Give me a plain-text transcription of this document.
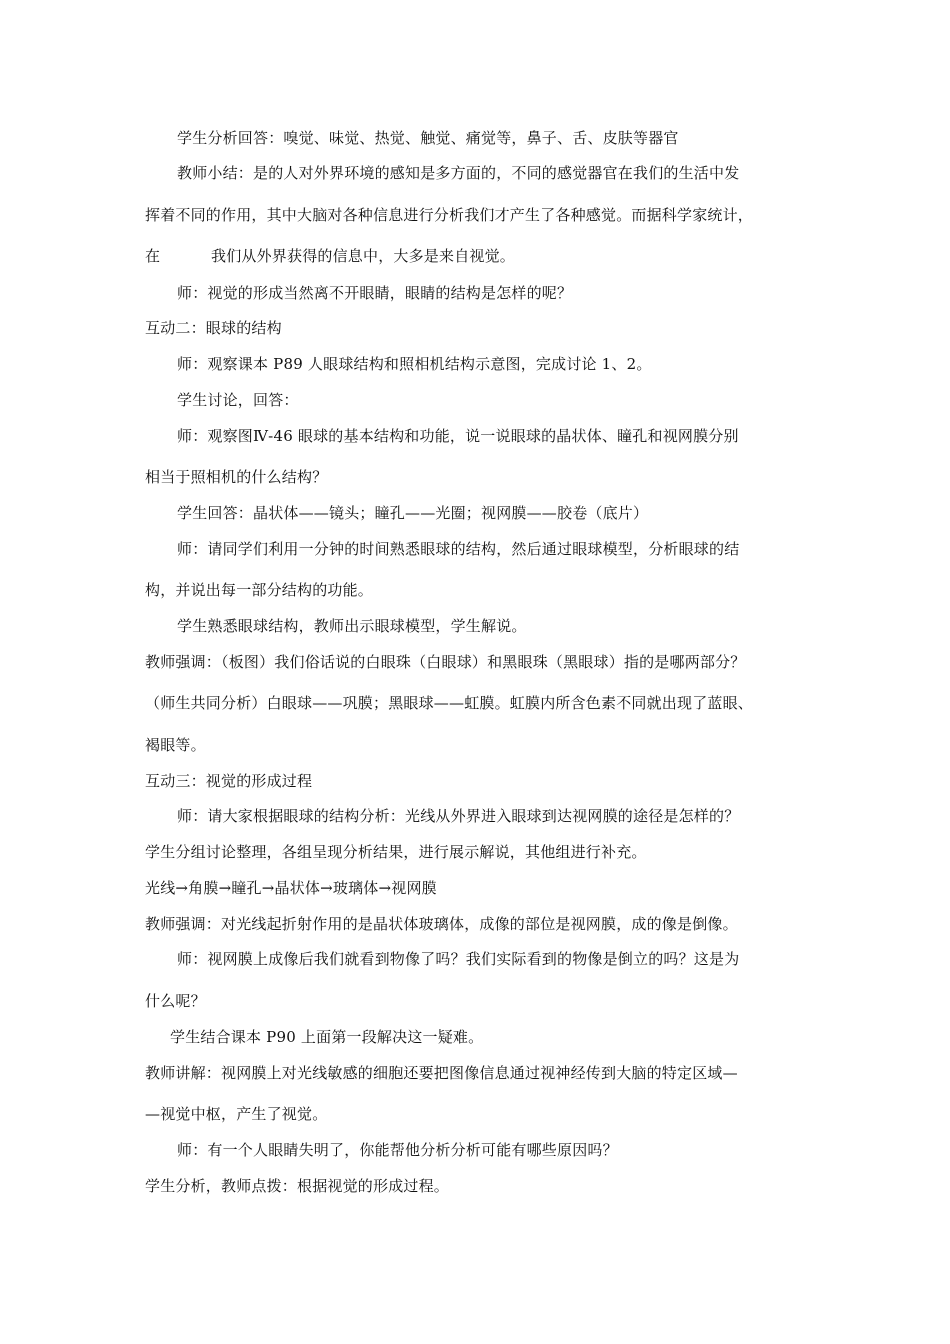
学生分析回答：嗅觉、味觉、热觉、触觉、痛觉等，鼻子、舌、皮肤等器官
教师小结：是的人对外界环境的感知是多方面的，不同的感觉器官在我们的生活中发
挥着不同的作用，其中大脑对各种信息进行分析我们才产生了各种感觉。而据科学家统计，
在	我们从外界获得的信息中，大多是来自视觉。
师：视觉的形成当然离不开眼睛，眼睛的结构是怎样的呢？
互动二：眼球的结构
师：观察课本 P89 人眼球结构和照相机结构示意图，完成讨论 1、2。
学生讨论，回答：
师：观察图Ⅳ-46 眼球的基本结构和功能，说一说眼球的晶状体、瞳孔和视网膜分别
相当于照相机的什么结构？
学生回答：晶状体——镜头；瞳孔——光圈；视网膜——胶卷（底片）
师：请同学们利用一分钟的时间熟悉眼球的结构，然后通过眼球模型，分析眼球的结
构，并说出每一部分结构的功能。
学生熟悉眼球结构，教师出示眼球模型，学生解说。
教师强调：（板图）我们俗话说的白眼珠（白眼球）和黑眼珠（黑眼球）指的是哪两部分？
（师生共同分析）白眼球——巩膜；黑眼球——虹膜。虹膜内所含色素不同就出现了蓝眼、
褐眼等。
互动三：视觉的形成过程
师：请大家根据眼球的结构分析：光线从外界进入眼球到达视网膜的途径是怎样的？
学生分组讨论整理，各组呈现分析结果，进行展示解说，其他组进行补充。
光线→角膜→瞳孔→晶状体→玻璃体→视网膜
教师强调：对光线起折射作用的是晶状体玻璃体，成像的部位是视网膜，成的像是倒像。
师：视网膜上成像后我们就看到物像了吗？我们实际看到的物像是倒立的吗？这是为
什么呢？
学生结合课本 P90 上面第一段解决这一疑难。
教师讲解：视网膜上对光线敏感的细胞还要把图像信息通过视神经传到大脑的特定区域—
—视觉中枢，产生了视觉。
师：有一个人眼睛失明了，你能帮他分析分析可能有哪些原因吗？
学生分析，教师点拨：根据视觉的形成过程。
